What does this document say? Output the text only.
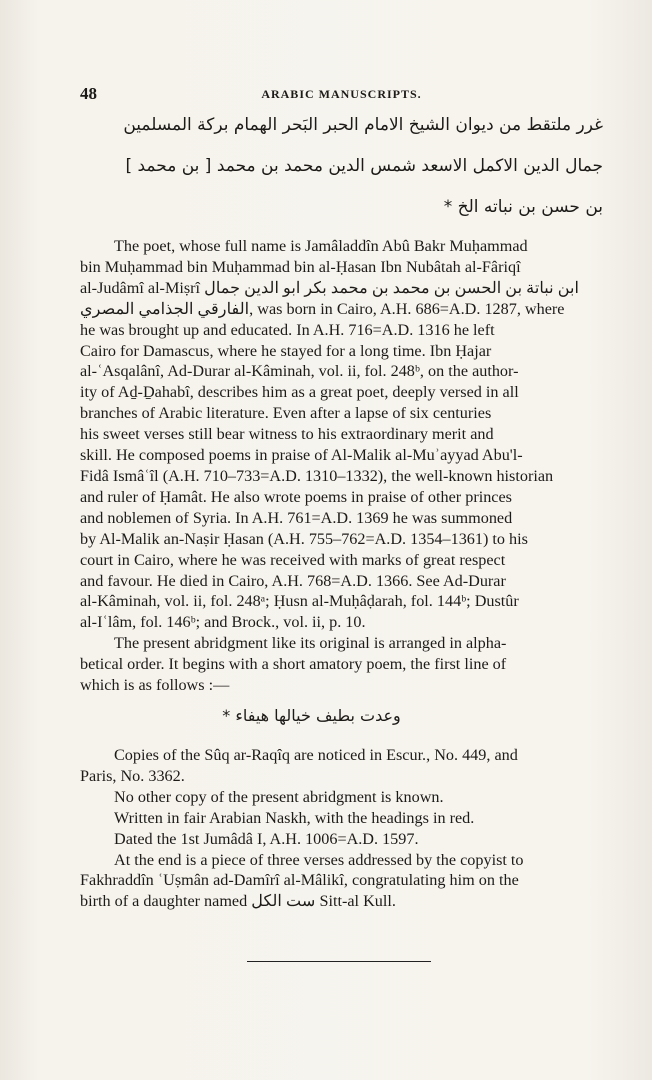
48	ARABIC MANUSCRIPTS.
غرر ملتقط من ديوان الشيخ الامام الحبر البَحر الهمام بركة المسلمين
جمال الدين الاكمل الاسعد شمس الدين محمد بن محمد [ بن محمد ]
بن حسن بن نباته الخ *

The poet, whose full name is Jamâladdîn Abû Bakr Muḥammad
bin Muḥammad bin Muḥammad bin al-Ḥasan Ibn Nubâtah al-Fâriqî
al-Judâmî al-Miṣrî ابن نباتة بن الحسن بن محمد بن محمد بكر ابو الدين جمال
الفارقي الجذامي المصري, was born in Cairo, A.H. 686=A.D. 1287, where
he was brought up and educated. In A.H. 716=A.D. 1316 he left
Cairo for Damascus, where he stayed for a long time. Ibn Ḥajar
al-ʿAsqalânî, Ad-Durar al-Kâminah, vol. ii, fol. 248ᵇ, on the author-
ity of Aḏ-Ḏahabî, describes him as a great poet, deeply versed in all
branches of Arabic literature. Even after a lapse of six centuries
his sweet verses still bear witness to his extraordinary merit and
skill. He composed poems in praise of Al-Malik al-Muʾayyad Abu'l-
Fidâ Ismâʿîl (A.H. 710–733=A.D. 1310–1332), the well-known historian
and ruler of Ḥamât. He also wrote poems in praise of other princes
and noblemen of Syria. In A.H. 761=A.D. 1369 he was summoned
by Al-Malik an-Naṣir Ḥasan (A.H. 755–762=A.D. 1354–1361) to his
court in Cairo, where he was received with marks of great respect
and favour. He died in Cairo, A.H. 768=A.D. 1366. See Ad-Durar
al-Kâminah, vol. ii, fol. 248ᵃ; Ḥusn al-Muḥâḍarah, fol. 144ᵇ; Dustûr
al-Iʿlâm, fol. 146ᵇ; and Brock., vol. ii, p. 10.

The present abridgment like its original is arranged in alpha-
betical order. It begins with a short amatory poem, the first line of
which is as follows :—

وعدت بطيف خيالها هيفاء *
Copies of the Sûq ar-Raqîq are noticed in Escur., No. 449, and
Paris, No. 3362.
No other copy of the present abridgment is known.
Written in fair Arabian Naskh, with the headings in red.
Dated the 1st Jumâdâ I, A.H. 1006=A.D. 1597.
At the end is a piece of three verses addressed by the copyist to
Fakhraddîn ʿUṣmân ad-Damîrî al-Mâlikî, congratulating him on the
birth of a daughter named ست الكل Sitt-al Kull.
